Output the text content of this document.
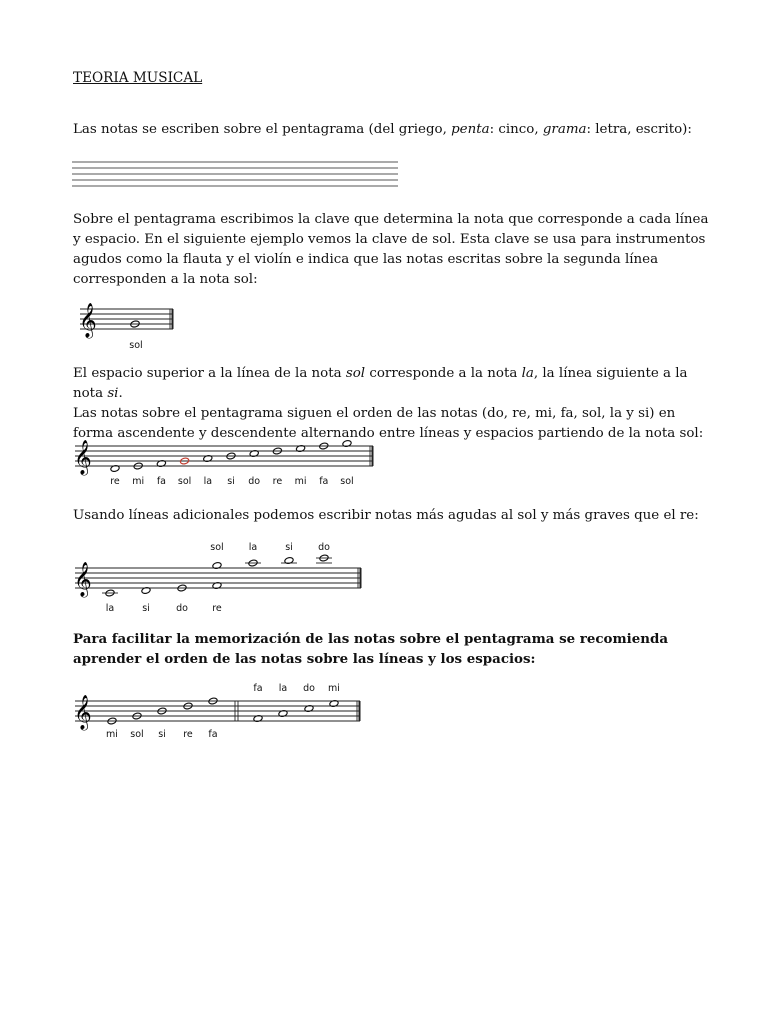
TEORIA MUSICAL

Las notas se escriben sobre el pentagrama (del griego, penta: cinco, grama: letra, escrito):

Sobre el pentagrama escribimos la clave que determina la nota que corresponde a cada línea y espacio. En el siguiente ejemplo vemos la clave de sol. Esta clave se usa para instrumentos agudos como la flauta y el violín e indica que las notas escritas sobre la segunda línea corresponden a la nota sol:

𝄞
sol

El espacio superior a la línea de la nota sol corresponde a la nota la, la línea siguiente a la nota si.
Las notas sobre el pentagrama siguen el orden de las notas (do, re, mi, fa, sol, la y si) en forma ascendente y descendente alternando entre líneas y espacios partiendo de la nota sol:

𝄞
re mi fa sol la si do re mi fa sol

Usando líneas adicionales podemos escribir notas más agudas al sol y más graves que el re:

𝄞
la	si	do	re
sol	la	si	do

Para facilitar la memorización de las notas sobre el pentagrama se recomienda aprender el orden de las notas sobre las líneas y los espacios:

𝄞
mi sol si re fa
fa la do mi
